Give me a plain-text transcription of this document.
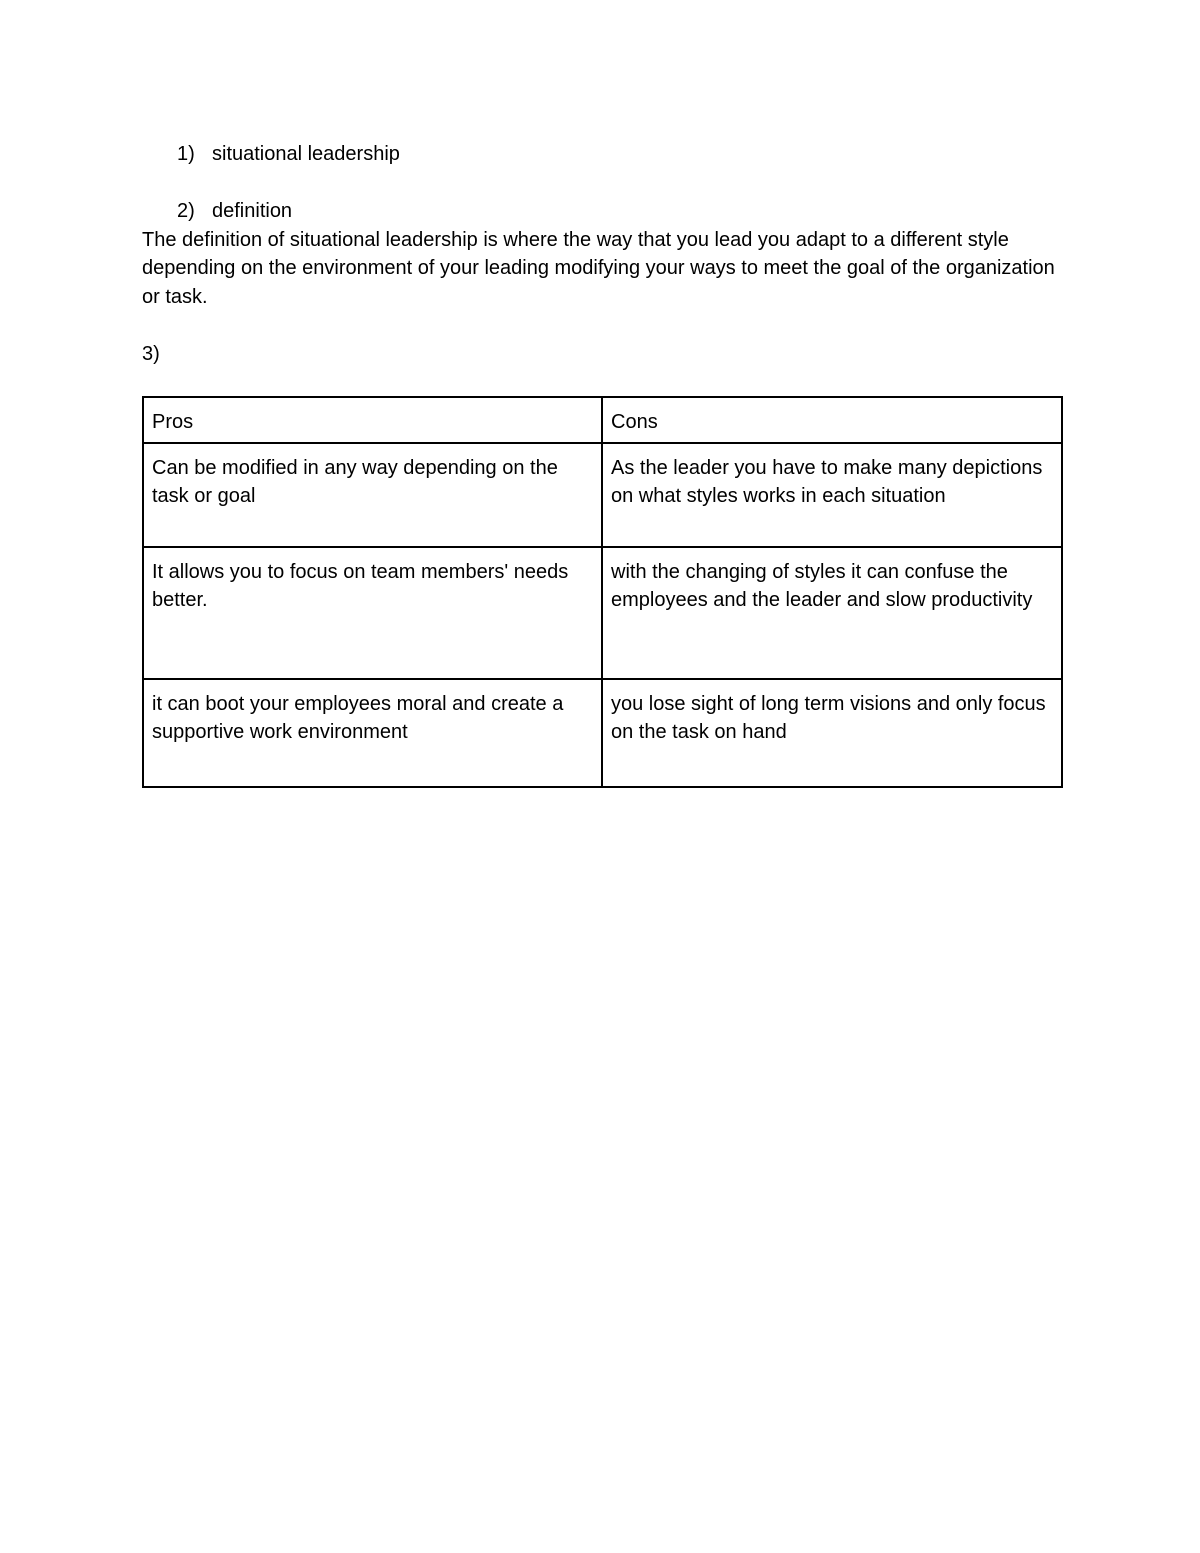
1) situational leadership
2) definition
The definition of situational leadership is where the way that you lead you adapt to a different style depending on the environment of your leading modifying your ways to meet the goal of the organization or task.
3)
Pros	Cons
Can be modified in any way depending on the task or goal	As the leader you have to make many depictions on what styles works in each situation
It allows you to focus on team members' needs better.	with the changing of styles it can confuse the employees and the leader and slow productivity
it can boot your employees moral and create a supportive work environment	you lose sight of long term visions and only focus on the task on hand
